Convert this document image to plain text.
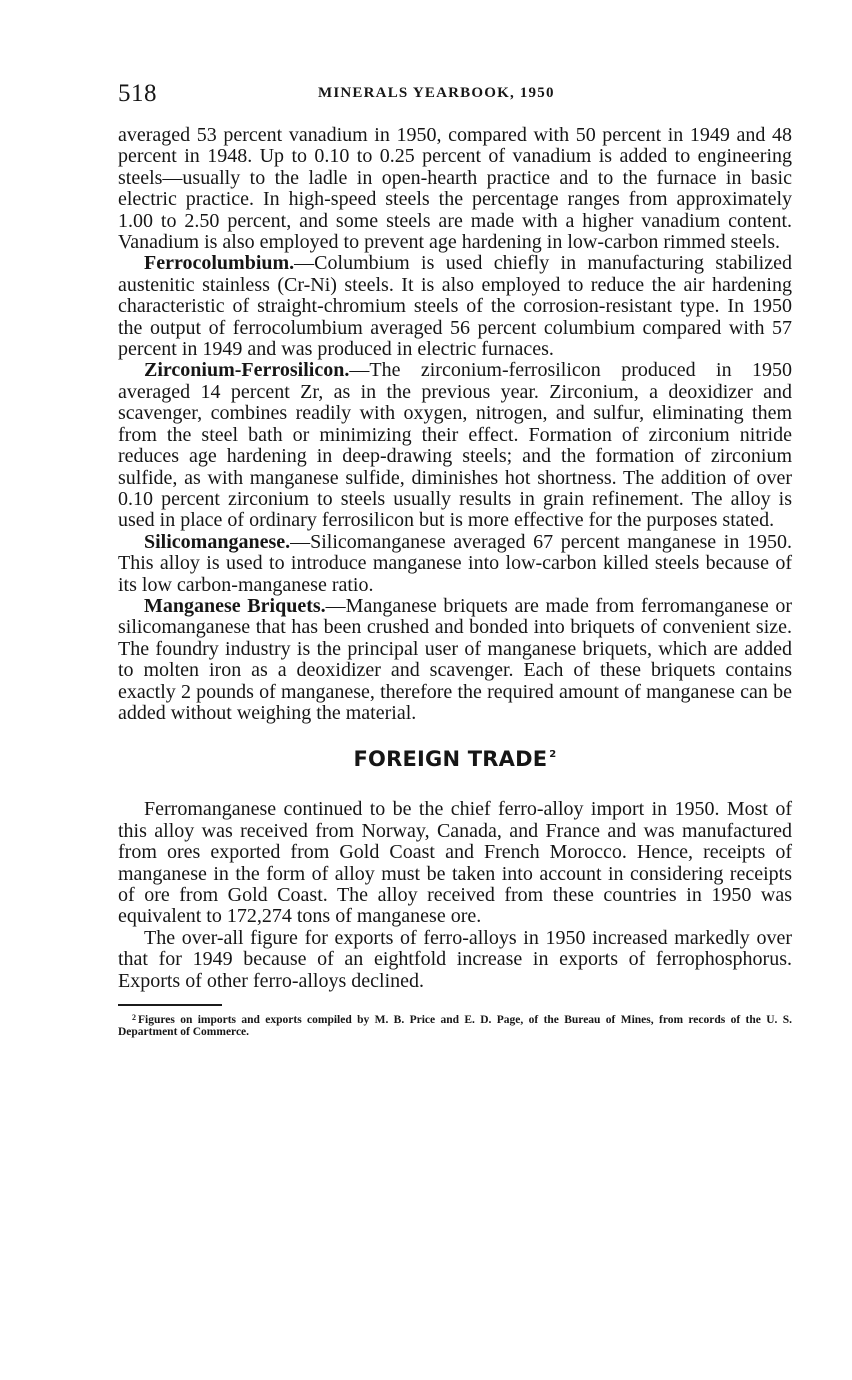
518	MINERALS YEARBOOK, 1950

averaged 53 percent vanadium in 1950, compared with 50 percent in 1949 and 48 percent in 1948. Up to 0.10 to 0.25 percent of vanadium is added to engineering steels—usually to the ladle in open-hearth practice and to the furnace in basic electric practice. In high-speed steels the percentage ranges from approximately 1.00 to 2.50 percent, and some steels are made with a higher vanadium content. Vanadium is also employed to prevent age hardening in low-carbon rimmed steels.

Ferrocolumbium.—Columbium is used chiefly in manufacturing stabilized austenitic stainless (Cr-Ni) steels. It is also employed to reduce the air hardening characteristic of straight-chromium steels of the corrosion-resistant type. In 1950 the output of ferrocolumbium averaged 56 percent columbium compared with 57 percent in 1949 and was produced in electric furnaces.

Zirconium-Ferrosilicon.—The zirconium-ferrosilicon produced in 1950 averaged 14 percent Zr, as in the previous year. Zirconium, a deoxidizer and scavenger, combines readily with oxygen, nitrogen, and sulfur, eliminating them from the steel bath or minimizing their effect. Formation of zirconium nitride reduces age hardening in deep-drawing steels; and the formation of zirconium sulfide, as with manganese sulfide, diminishes hot shortness. The addition of over 0.10 percent zirconium to steels usually results in grain refinement. The alloy is used in place of ordinary ferrosilicon but is more effective for the purposes stated.

Silicomanganese.—Silicomanganese averaged 67 percent manganese in 1950. This alloy is used to introduce manganese into low-carbon killed steels because of its low carbon-manganese ratio.

Manganese Briquets.—Manganese briquets are made from ferromanganese or silicomanganese that has been crushed and bonded into briquets of convenient size. The foundry industry is the principal user of manganese briquets, which are added to molten iron as a deoxidizer and scavenger. Each of these briquets contains exactly 2 pounds of manganese, therefore the required amount of manganese can be added without weighing the material.

FOREIGN TRADE $^2$

Ferromanganese continued to be the chief ferro-alloy import in 1950. Most of this alloy was received from Norway, Canada, and France and was manufactured from ores exported from Gold Coast and French Morocco. Hence, receipts of manganese in the form of alloy must be taken into account in considering receipts of ore from Gold Coast. The alloy received from these countries in 1950 was equivalent to 172,274 tons of manganese ore.

The over-all figure for exports of ferro-alloys in 1950 increased markedly over that for 1949 because of an eightfold increase in exports of ferrophosphorus. Exports of other ferro-alloys declined.

$^2$ Figures on imports and exports compiled by M. B. Price and E. D. Page, of the Bureau of Mines, from records of the U. S. Department of Commerce.
